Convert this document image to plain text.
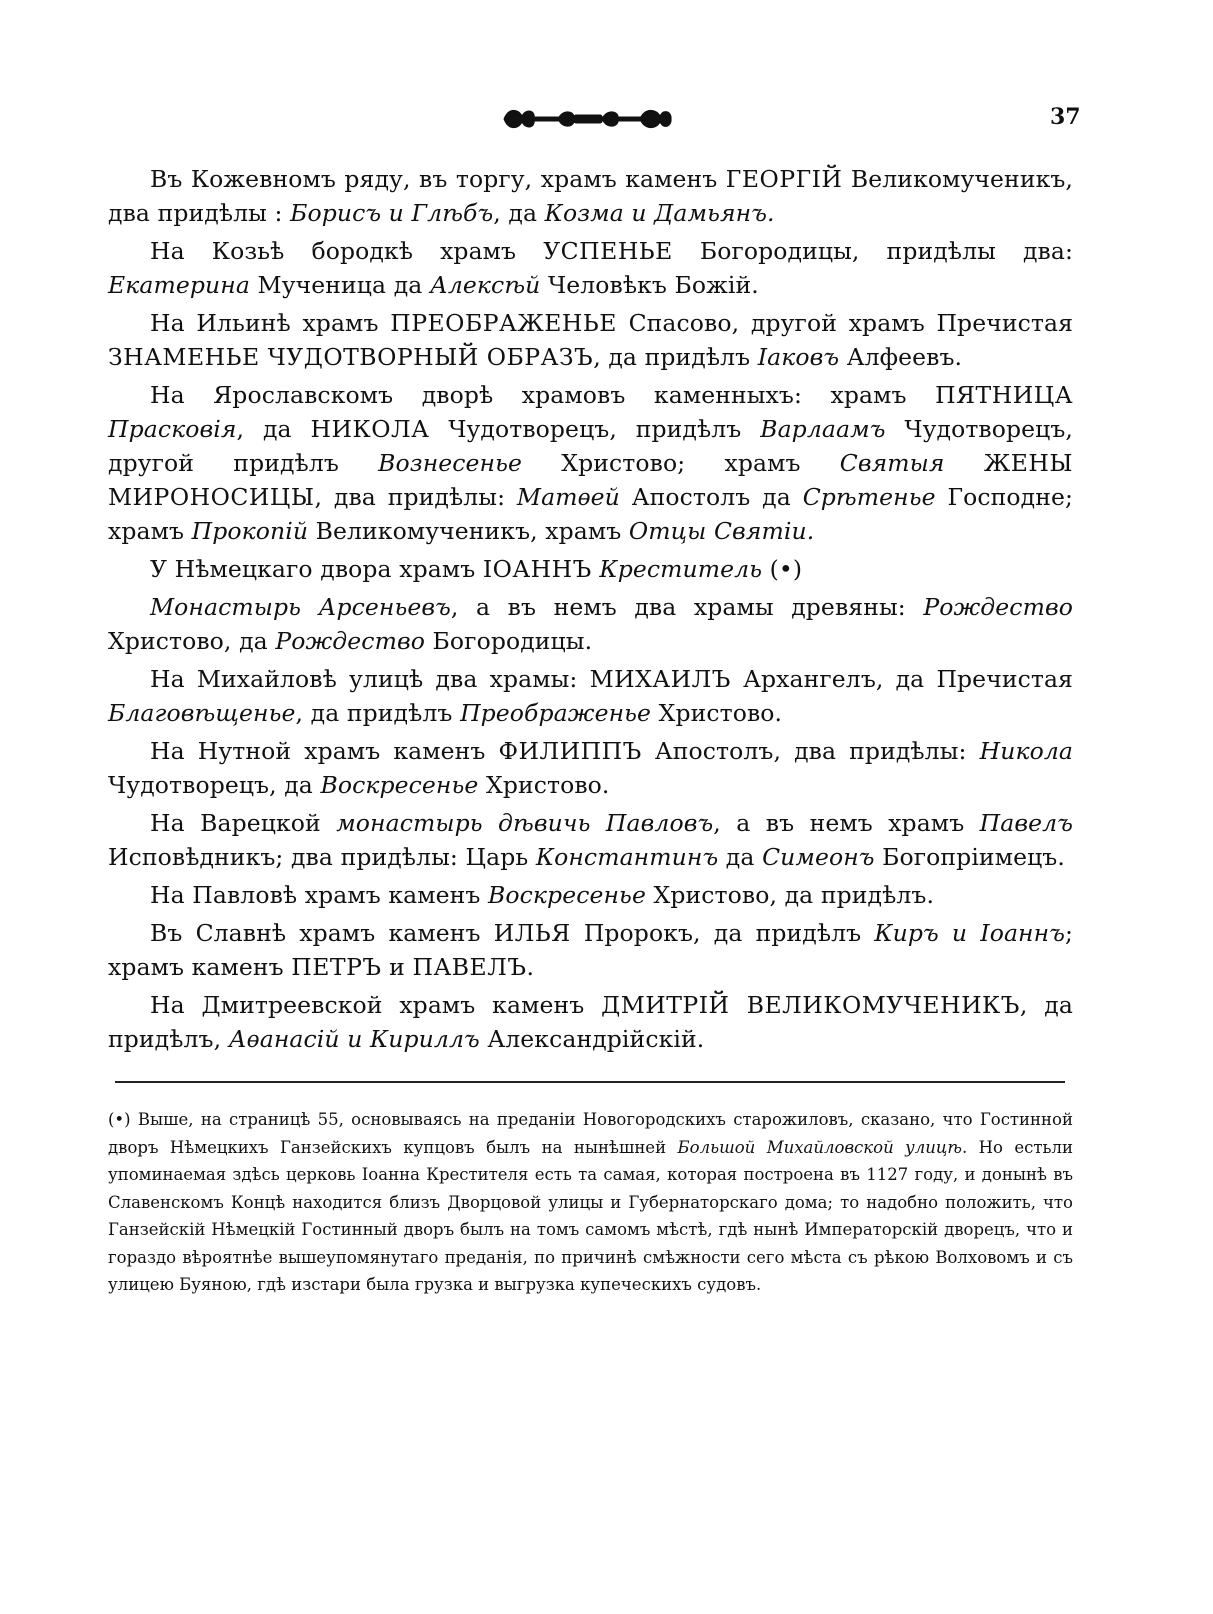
37

Въ Кожевномъ ряду, въ торгу, храмъ каменъ ГЕОРГІЙ Великомученикъ, два придѣлы : Борисъ и Глѣбъ, да Козма и Дамьянъ.

На Козьѣ бородкѣ храмъ УСПЕНЬЕ Богородицы, придѣлы два: Екатерина Мученица да Алексѣй Человѣкъ Божій.

На Ильинѣ храмъ ПРЕОБРАЖЕНЬЕ Спасово, другой храмъ Пречистая ЗНАМЕНЬЕ ЧУДОТВОРНЫЙ ОБРАЗЪ, да придѣлъ Іаковъ Алфеевъ.

На Ярославскомъ дворѣ храмовъ каменныхъ: храмъ ПЯТНИЦА Прасковія, да НИКОЛА Чудотворецъ, придѣлъ Варлаамъ Чудотворецъ, другой придѣлъ Вознесенье Христово; храмъ Святыя ЖЕНЫ МИРОНОСИЦЫ, два придѣлы: Матѳей Апостолъ да Срѣтенье Господне; храмъ Прокопій Великомученикъ, храмъ Отцы Святіи.

У Нѣмецкаго двора храмъ ІОАННЪ Креститель (•)

Монастырь Арсеньевъ, а въ немъ два храмы древяны: Рождество Христово, да Рождество Богородицы.

На Михайловѣ улицѣ два храмы: МИХАИЛЪ Архангелъ, да Пречистая Благовѣщенье, да придѣлъ Преображенье Христово.

На Нутной храмъ каменъ ФИЛИППЪ Апостолъ, два придѣлы: Никола Чудотворецъ, да Воскресенье Христово.

На Варецкой монастырь дѣвичь Павловъ, а въ немъ храмъ Павелъ Исповѣдникъ; два придѣлы: Царь Константинъ да Симеонъ Богопріимецъ.

На Павловѣ храмъ каменъ Воскресенье Христово, да придѣлъ.

Въ Славнѣ храмъ каменъ ИЛЬЯ Пророкъ, да придѣлъ Киръ и Іоаннъ; храмъ каменъ ПЕТРЪ и ПАВЕЛЪ.

На Дмитреевской храмъ каменъ ДМИТРІЙ ВЕЛИКОМУЧЕНИКЪ, да придѣлъ, Аѳанасій и Кириллъ Александрійскій.

(•) Выше, на страницѣ 55, основываясь на преданіи Новогородскихъ старожиловъ, сказано, что Гостинной дворъ Нѣмецкихъ Ганзейскихъ купцовъ былъ на нынѣшней Большой Михайловской улицѣ. Но естьли упоминаемая здѣсь церковь Іоанна Крестителя есть та самая, которая построена въ 1127 году, и донынѣ въ Славенскомъ Концѣ находится близъ Дворцовой улицы и Губернаторскаго дома; то надобно положить, что Ганзейскій Нѣмецкій Гостинный дворъ былъ на томъ самомъ мѣстѣ, гдѣ нынѣ Императорскій дворецъ, что и гораздо вѣроятнѣе вышеупомянутаго преданія, по причинѣ смѣжности сего мѣста съ рѣкою Волховомъ и съ улицею Буяною, гдѣ изстари была грузка и выгрузка купеческихъ судовъ.
